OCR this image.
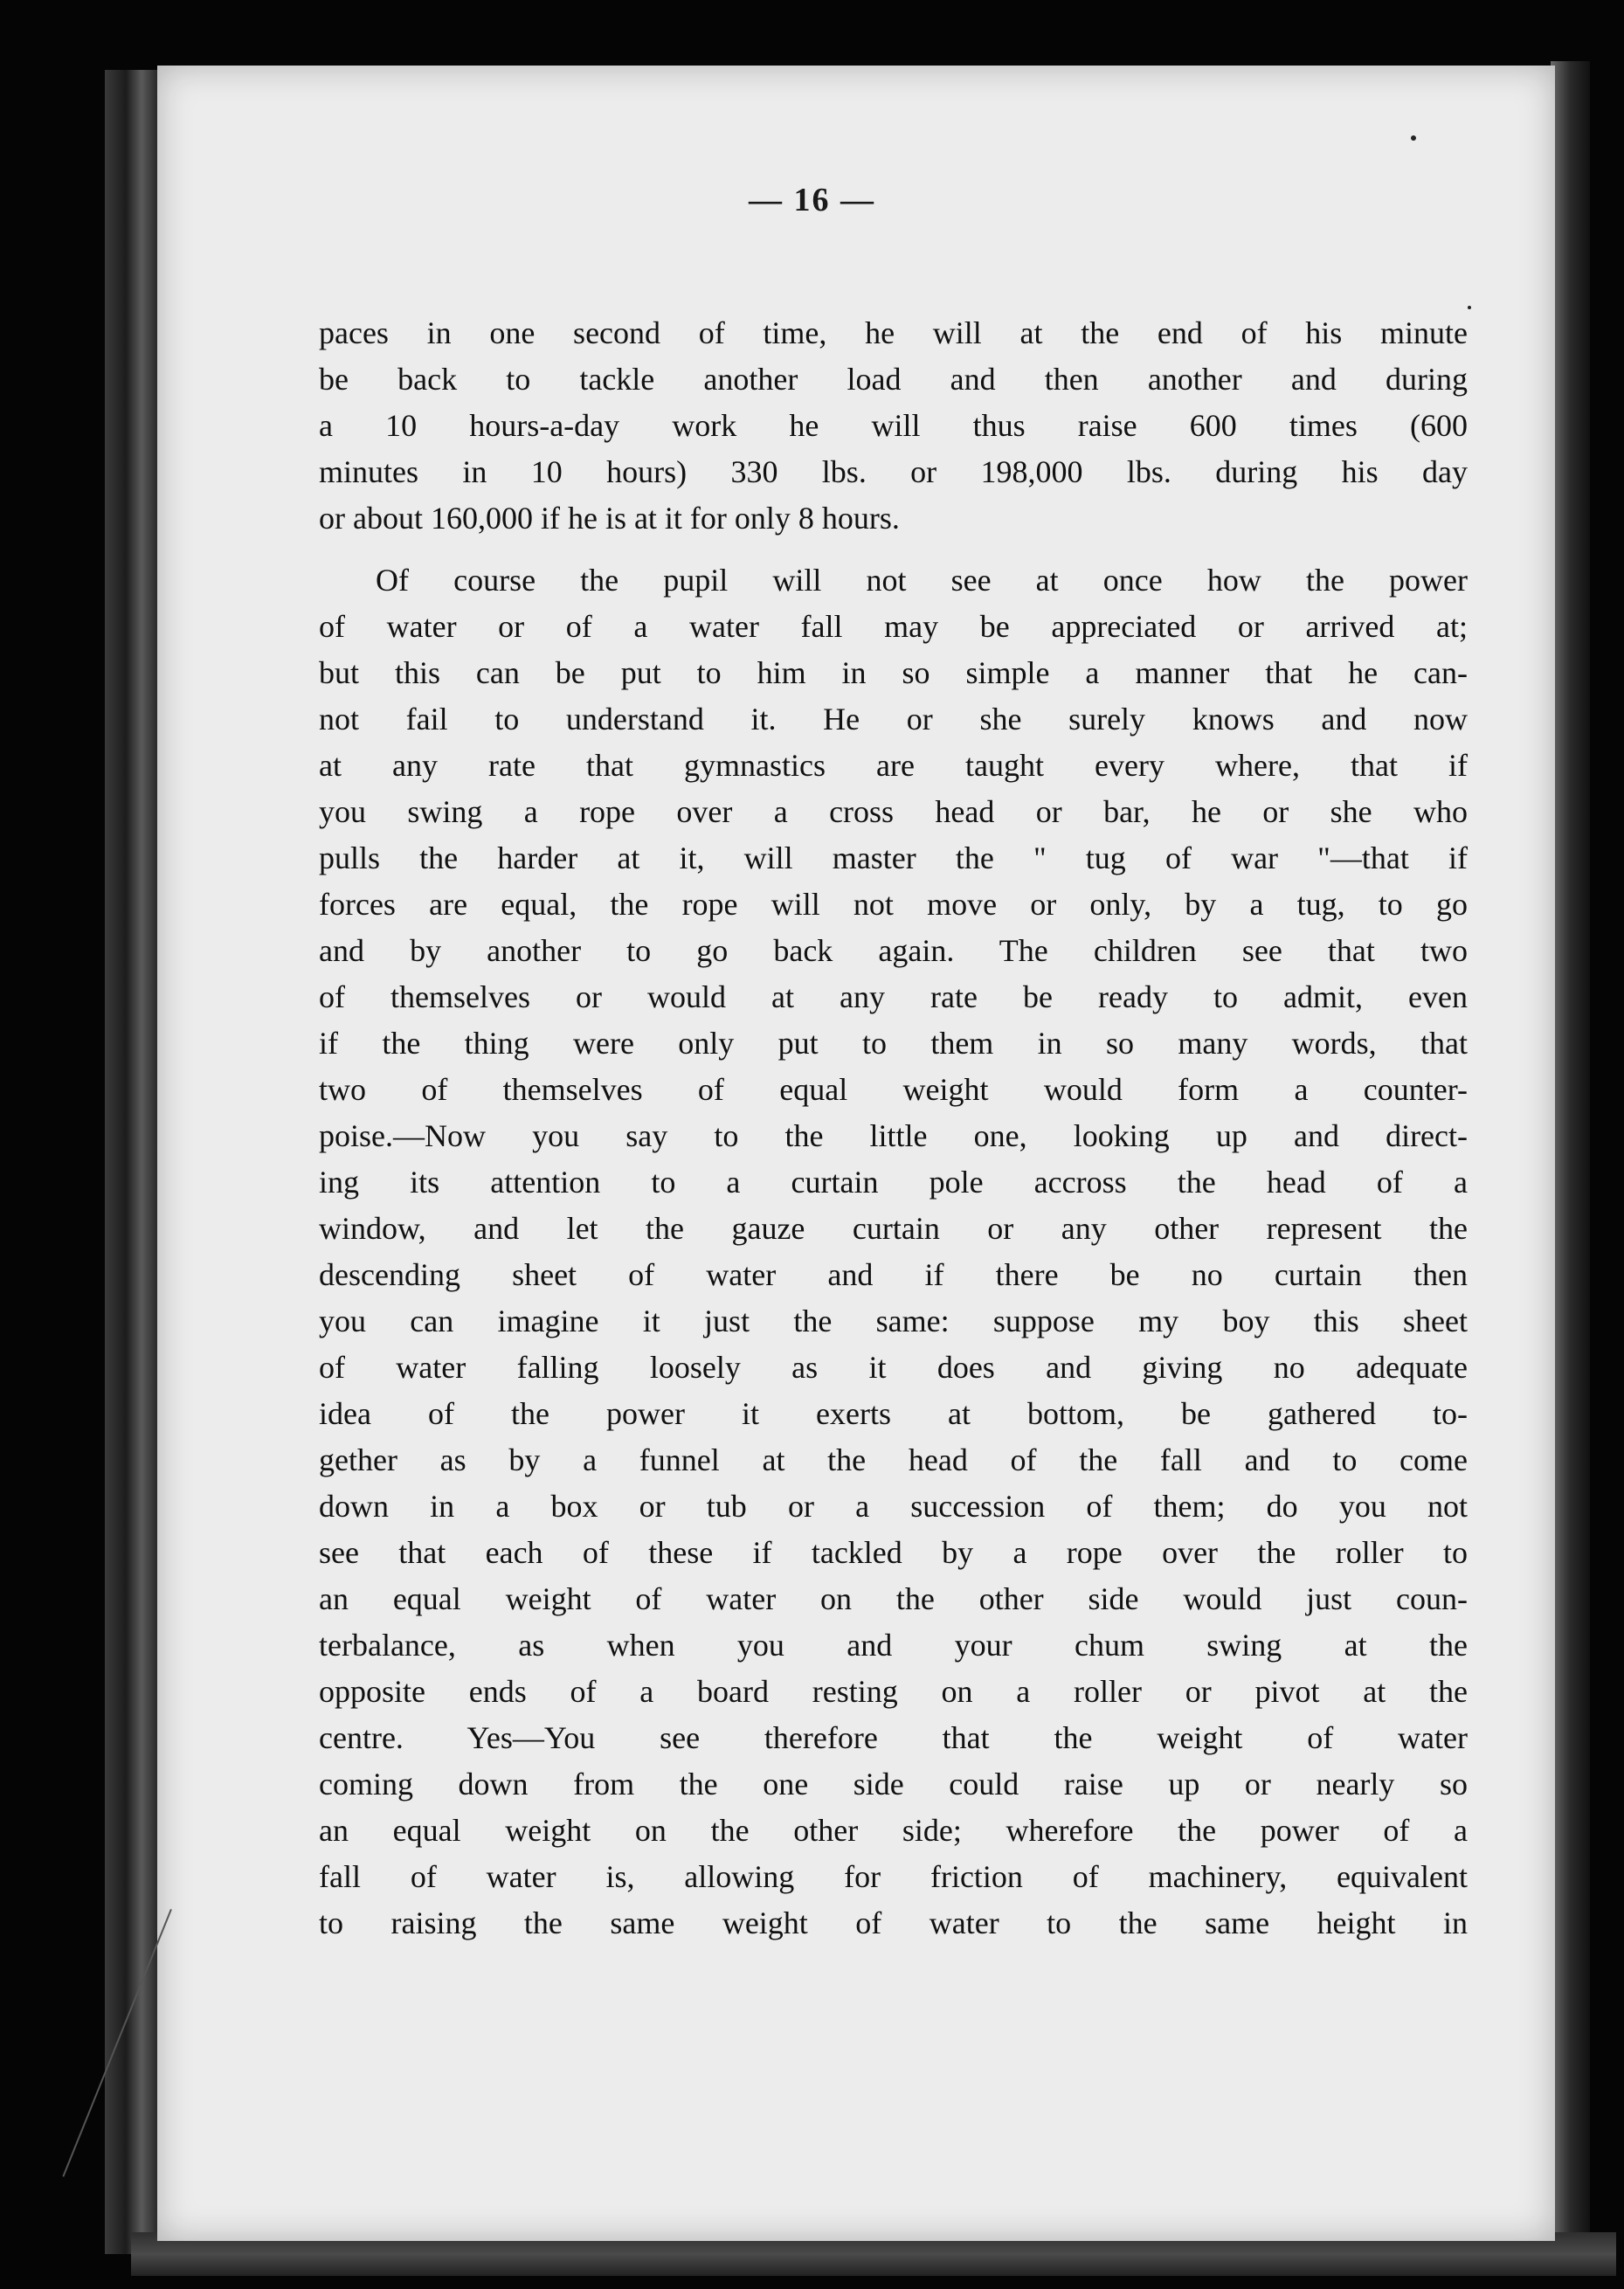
— 16 —
paces in one second of time, he will at the end of his minute
be back to tackle another load and then another and during
a 10 hours-a-day work he will thus raise 600 times (600
minutes in 10 hours) 330 lbs. or 198,000 lbs. during his day
or about 160,000 if he is at it for only 8 hours.
Of course the pupil will not see at once how the power
of water or of a water fall may be appreciated or arrived at;
but this can be put to him in so simple a manner that he can-
not fail to understand it. He or she surely knows and now
at any rate that gymnastics are taught every where, that if
you swing a rope over a cross head or bar, he or she who
pulls the harder at it, will master the " tug of war "—that if
forces are equal, the rope will not move or only, by a tug, to go
and by another to go back again. The children see that two
of themselves or would at any rate be ready to admit, even
if the thing were only put to them in so many words, that
two of themselves of equal weight would form a counter-
poise.—Now you say to the little one, looking up and direct-
ing its attention to a curtain pole accross the head of a
window, and let the gauze curtain or any other represent the
descending sheet of water and if there be no curtain then
you can imagine it just the same: suppose my boy this sheet
of water falling loosely as it does and giving no adequate
idea of the power it exerts at bottom, be gathered to-
gether as by a funnel at the head of the fall and to come
down in a box or tub or a succession of them; do you not
see that each of these if tackled by a rope over the roller to
an equal weight of water on the other side would just coun-
terbalance, as when you and your chum swing at the
opposite ends of a board resting on a roller or pivot at the
centre. Yes—You see therefore that the weight of water
coming down from the one side could raise up or nearly so
an equal weight on the other side; wherefore the power of a
fall of water is, allowing for friction of machinery, equivalent
to raising the same weight of water to the same height in
